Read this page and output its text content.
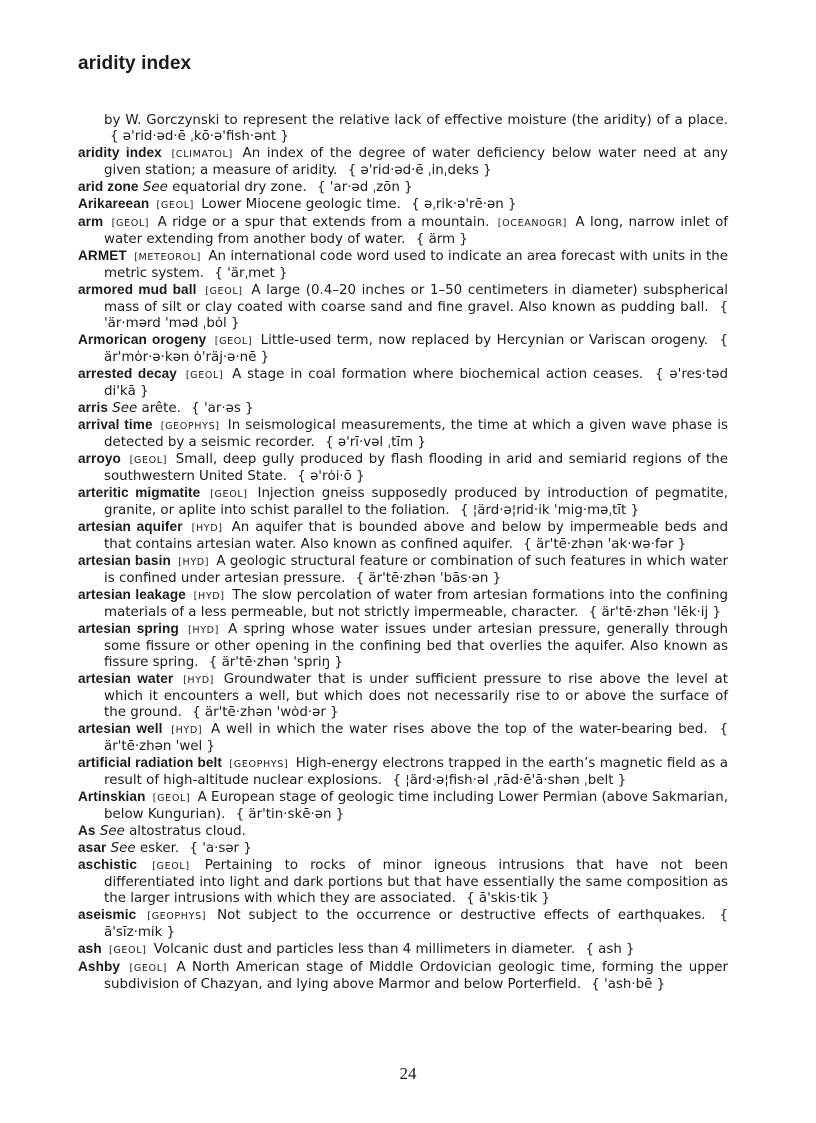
aridity index
by W. Gorczynski to represent the relative lack of effective moisture (the aridity) of a place.{ ə'rid·əd·ē ˌkō·ə'fish·ənt }
aridity index [CLIMATOL] An index of the degree of water deficiency below water need at any given station; a measure of aridity. { ə'rid·əd·ē ˌinˌdeks }
arid zone See equatorial dry zone. { 'ar·əd ˌzōn }
Arikareean [GEOL] Lower Miocene geologic time. { əˌrik·ə'rē·ən }
arm [GEOL] A ridge or a spur that extends from a mountain. [OCEANOGR] A long, narrow inlet of water extending from another body of water. { ärm }
ARMET [METEOROL] An international code word used to indicate an area forecast with units in the metric system. { 'ärˌmet }
armored mud ball [GEOL] A large (0.4–20 inches or 1–50 centimeters in diameter) subspherical mass of silt or clay coated with coarse sand and fine gravel. Also known as pudding ball. { 'är·mərd 'məd ˌbȯl }
Armorican orogeny [GEOL] Little-used term, now replaced by Hercynian or Variscan orogeny. { är'mȯr·ə·kən ȯ'räj·ə·nē }
arrested decay [GEOL] A stage in coal formation where biochemical action ceases. { ə'res·təd di'kā }
arris See arête. { 'ar·əs }
arrival time [GEOPHYS] In seismological measurements, the time at which a given wave phase is detected by a seismic recorder. { ə'rī·vəl ˌtīm }
arroyo [GEOL] Small, deep gully produced by flash flooding in arid and semiarid regions of the southwestern United State. { ə'rȯi·ō }
arteritic migmatite [GEOL] Injection gneiss supposedly produced by introduction of pegmatite, granite, or aplite into schist parallel to the foliation. { ¦ärd·ə¦rid·ik 'mig·məˌtīt }
artesian aquifer [HYD] An aquifer that is bounded above and below by impermeable beds and that contains artesian water. Also known as confined aquifer. { är'tē·zhən 'ak·wə·fər }
artesian basin [HYD] A geologic structural feature or combination of such features in which water is confined under artesian pressure. { är'tē·zhən 'bās·ən }
artesian leakage [HYD] The slow percolation of water from artesian formations into the confining materials of a less permeable, but not strictly impermeable, character. { är'tē·zhən 'lēk·ij }
artesian spring [HYD] A spring whose water issues under artesian pressure, generally through some fissure or other opening in the confining bed that overlies the aquifer. Also known as fissure spring. { är'tē·zhən 'spriŋ }
artesian water [HYD] Groundwater that is under sufficient pressure to rise above the level at which it encounters a well, but which does not necessarily rise to or above the surface of the ground. { är'tē·zhən 'wȯd·ər }
artesian well [HYD] A well in which the water rises above the top of the water-bearing bed. { är'tē·zhən 'wel }
artificial radiation belt [GEOPHYS] High-energy electrons trapped in the earth’s magnetic field as a result of high-altitude nuclear explosions. { ¦ärd·ə¦fish·əl ˌrād·ē'ā·shən ˌbelt }
Artinskian [GEOL] A European stage of geologic time including Lower Permian (above Sakmarian, below Kungurian). { är'tin·skē·ən }
As See altostratus cloud.
asar See esker. { 'a·sər }
aschistic [GEOL] Pertaining to rocks of minor igneous intrusions that have not been differentiated into light and dark portions but that have essentially the same composition as the larger intrusions with which they are associated. { ā'skis·tik }
aseismic [GEOPHYS] Not subject to the occurrence or destructive effects of earthquakes. { ā'sīz·mik }
ash [GEOL] Volcanic dust and particles less than 4 millimeters in diameter. { ash }
Ashby [GEOL] A North American stage of Middle Ordovician geologic time, forming the upper subdivision of Chazyan, and lying above Marmor and below Porterfield. { 'ash·bē }
24
